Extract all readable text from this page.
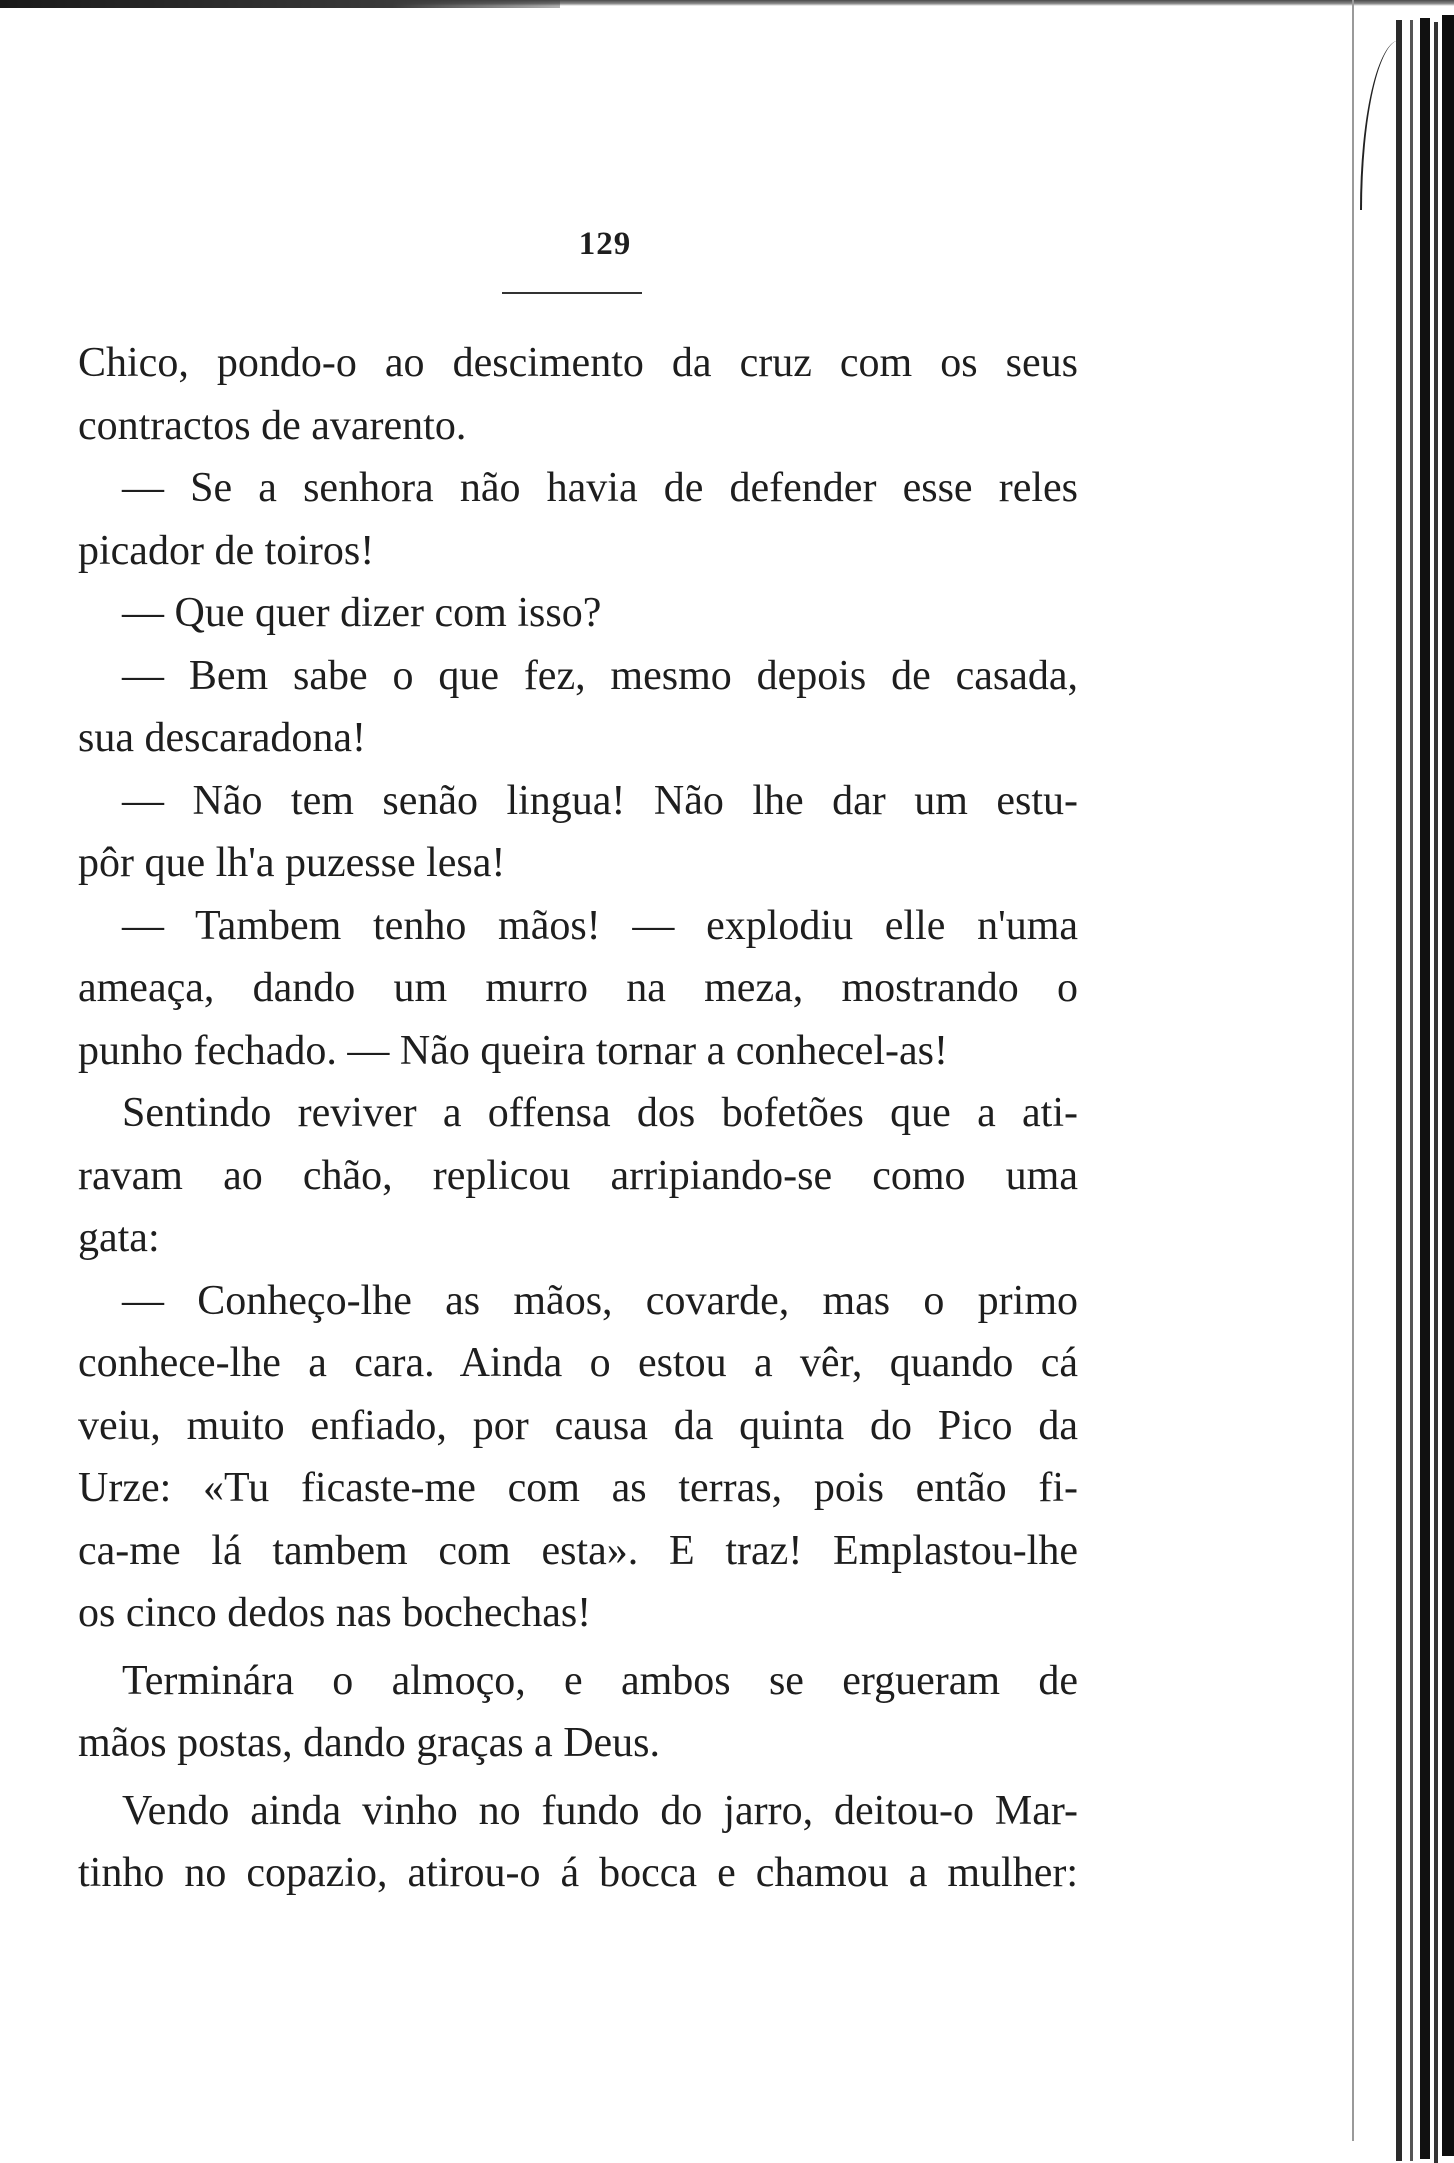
129
Chico, pondo-o ao descimento da cruz com os seus
contractos de avarento.
— Se a senhora não havia de defender esse reles
picador de toiros!
— Que quer dizer com isso?
— Bem sabe o que fez, mesmo depois de casada,
sua descaradona!
— Não tem senão lingua! Não lhe dar um estu-
pôr que lh'a puzesse lesa!
— Tambem tenho mãos! — explodiu elle n'uma
ameaça, dando um murro na meza, mostrando o
punho fechado. — Não queira tornar a conhecel-as!
Sentindo reviver a offensa dos bofetões que a ati-
ravam ao chão, replicou arripiando-se como uma
gata:
— Conheço-lhe as mãos, covarde, mas o primo
conhece-lhe a cara. Ainda o estou a vêr, quando cá
veiu, muito enfiado, por causa da quinta do Pico da
Urze: «Tu ficaste-me com as terras, pois então fi-
ca-me lá tambem com esta». E traz! Emplastou-lhe
os cinco dedos nas bochechas!
Terminára o almoço, e ambos se ergueram de
mãos postas, dando graças a Deus.
Vendo ainda vinho no fundo do jarro, deitou-o Mar-
tinho no copazio, atirou-o á bocca e chamou a mulher:
